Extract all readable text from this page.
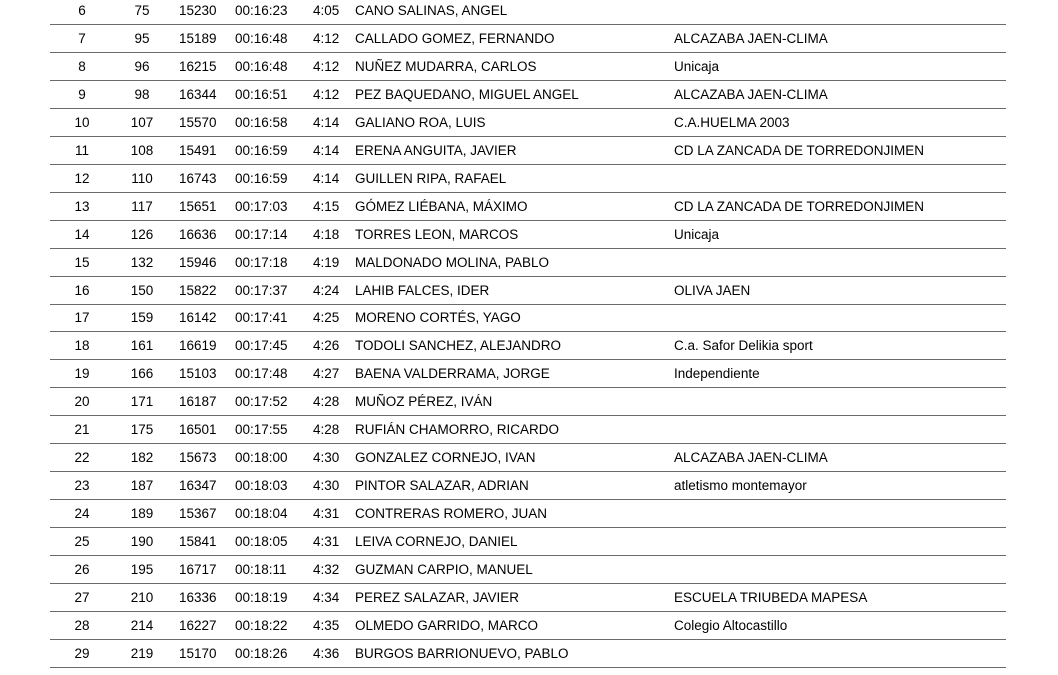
6	75	15230	00:16:23	4:05	CANO SALINAS, ANGEL
7	95	15189	00:16:48	4:12	CALLADO GOMEZ, FERNANDO	ALCAZABA JAEN-CLIMA
8	96	16215	00:16:48	4:12	NUÑEZ MUDARRA, CARLOS	Unicaja
9	98	16344	00:16:51	4:12	PEZ BAQUEDANO, MIGUEL ANGEL	ALCAZABA JAEN-CLIMA
10	107	15570	00:16:58	4:14	GALIANO ROA, LUIS	C.A.HUELMA 2003
11	108	15491	00:16:59	4:14	ERENA ANGUITA, JAVIER	CD LA ZANCADA DE TORREDONJIMEN
12	110	16743	00:16:59	4:14	GUILLEN RIPA, RAFAEL
13	117	15651	00:17:03	4:15	GÓMEZ LIÉBANA, MÁXIMO	CD LA ZANCADA DE TORREDONJIMEN
14	126	16636	00:17:14	4:18	TORRES LEON, MARCOS	Unicaja
15	132	15946	00:17:18	4:19	MALDONADO MOLINA, PABLO
16	150	15822	00:17:37	4:24	LAHIB FALCES, IDER	OLIVA JAEN
17	159	16142	00:17:41	4:25	MORENO CORTÉS, YAGO
18	161	16619	00:17:45	4:26	TODOLI SANCHEZ, ALEJANDRO	C.a. Safor Delikia sport
19	166	15103	00:17:48	4:27	BAENA VALDERRAMA, JORGE	Independiente
20	171	16187	00:17:52	4:28	MUÑOZ PÉREZ, IVÁN
21	175	16501	00:17:55	4:28	RUFIÁN CHAMORRO, RICARDO
22	182	15673	00:18:00	4:30	GONZALEZ CORNEJO, IVAN	ALCAZABA JAEN-CLIMA
23	187	16347	00:18:03	4:30	PINTOR SALAZAR, ADRIAN	atletismo montemayor
24	189	15367	00:18:04	4:31	CONTRERAS ROMERO, JUAN
25	190	15841	00:18:05	4:31	LEIVA CORNEJO, DANIEL
26	195	16717	00:18:11	4:32	GUZMAN CARPIO, MANUEL
27	210	16336	00:18:19	4:34	PEREZ SALAZAR, JAVIER	ESCUELA TRIUBEDA MAPESA
28	214	16227	00:18:22	4:35	OLMEDO GARRIDO, MARCO	Colegio Altocastillo
29	219	15170	00:18:26	4:36	BURGOS BARRIONUEVO, PABLO
